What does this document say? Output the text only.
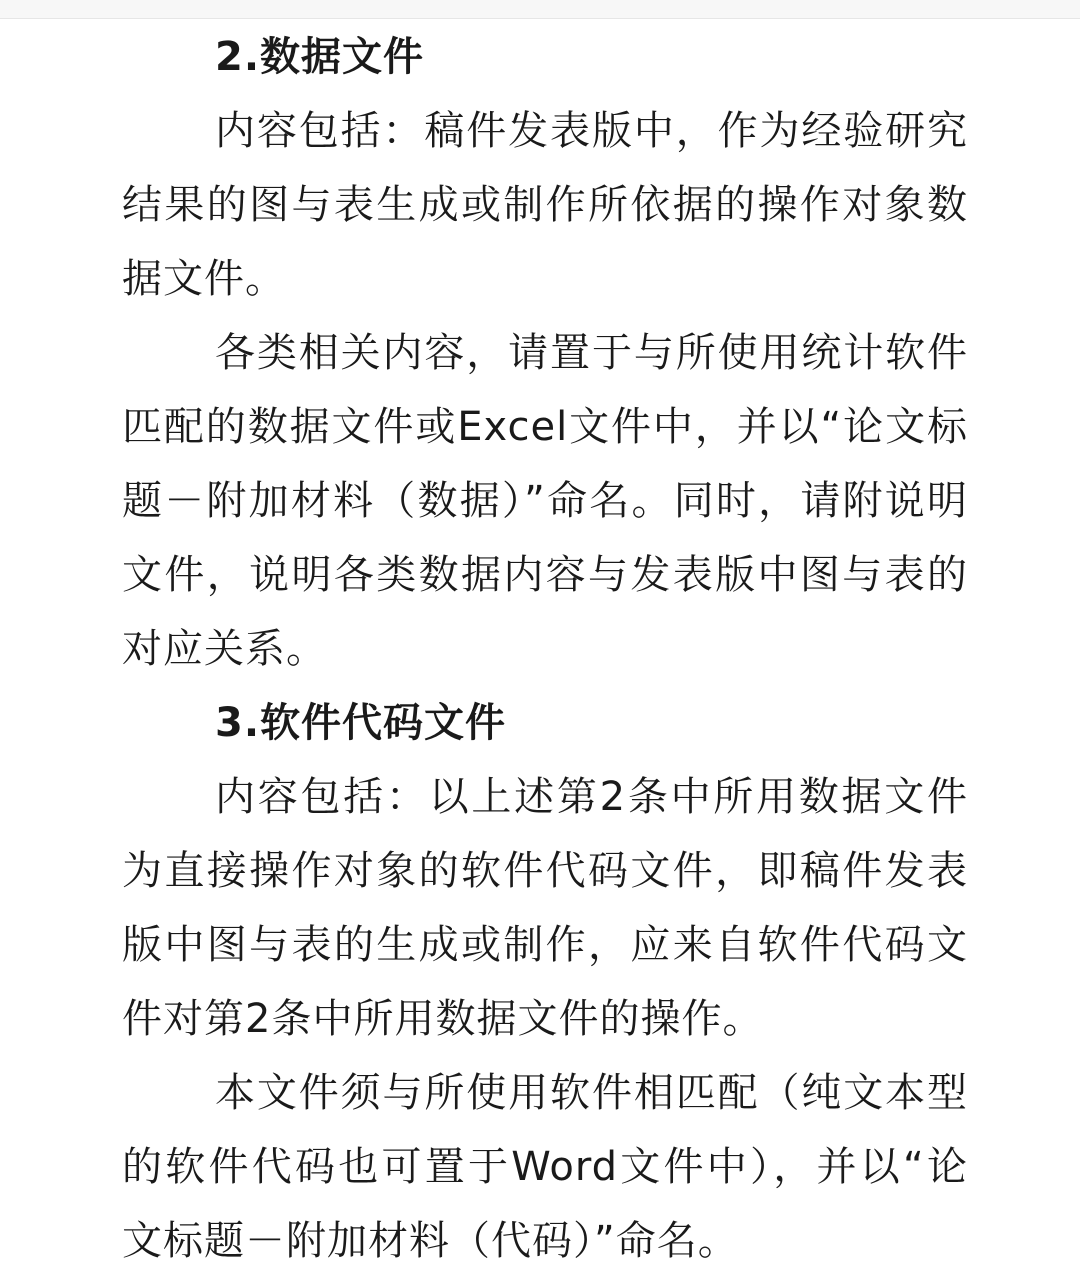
2.数据文件

内容包括：稿件发表版中，作为经验研究结果的图与表生成或制作所依据的操作对象数据文件。

各类相关内容，请置于与所使用统计软件匹配的数据文件或Excel文件中，并以“论文标题－附加材料（数据）”命名。同时，请附说明文件，说明各类数据内容与发表版中图与表的对应关系。

3.软件代码文件

内容包括：以上述第2条中所用数据文件为直接操作对象的软件代码文件，即稿件发表版中图与表的生成或制作，应来自软件代码文件对第2条中所用数据文件的操作。

本文件须与所使用软件相匹配（纯文本型的软件代码也可置于Word文件中），并以“论文标题－附加材料（代码）”命名。
